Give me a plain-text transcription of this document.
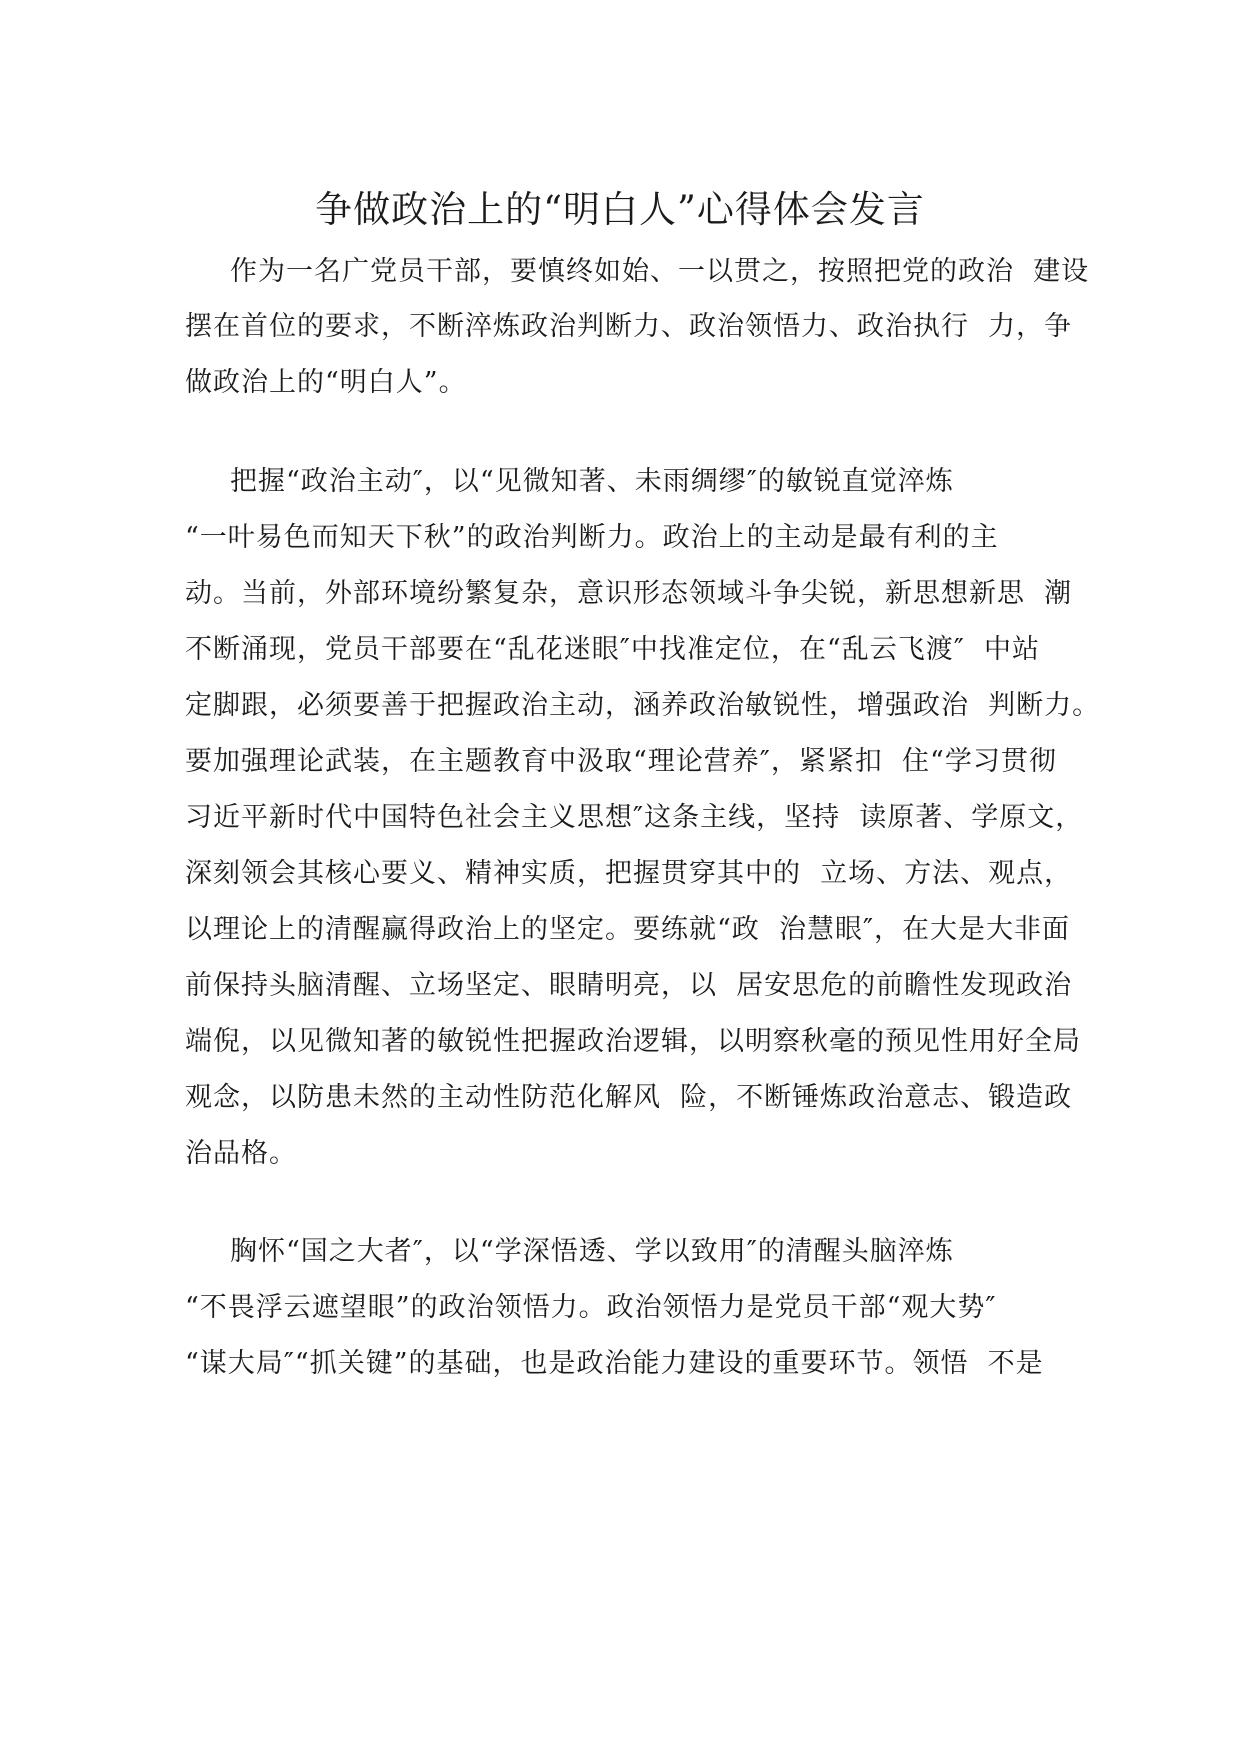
争做政治上的“明白人”心得体会发言

作为一名广党员干部，要慎终如始、一以贯之，按照把党的政治  建设

摆在首位的要求，不断淬炼政治判断力、政治领悟力、政治执行  力，争

做政治上的“明白人”。

把握“政治主动″，以“见微知著、未雨绸缪″的敏锐直觉淬炼

“一叶易色而知天下秋”的政治判断力。政治上的主动是最有利的主

动。当前，外部环境纷繁复杂，意识形态领域斗争尖锐，新思想新思  潮

不断涌现，党员干部要在“乱花迷眼″中找准定位，在“乱云飞渡″  中站

定脚跟，必须要善于把握政治主动，涵养政治敏锐性，增强政治  判断力。

要加强理论武装，在主题教育中汲取“理论营养″，紧紧扣  住“学习贯彻

习近平新时代中国特色社会主义思想″这条主线，坚持  读原著、学原文，

深刻领会其核心要义、精神实质，把握贯穿其中的  立场、方法、观点，

以理论上的清醒赢得政治上的坚定。要练就“政  治慧眼″，在大是大非面

前保持头脑清醒、立场坚定、眼睛明亮，以  居安思危的前瞻性发现政治

端倪，以见微知著的敏锐性把握政治逻辑，以明察秋毫的预见性用好全局

观念，以防患未然的主动性防范化解风  险，不断锤炼政治意志、锻造政

治品格。

胸怀“国之大者″，以“学深悟透、学以致用″的清醒头脑淬炼

“不畏浮云遮望眼”的政治领悟力。政治领悟力是党员干部“观大势″

“谋大局″“抓关键”的基础，也是政治能力建设的重要环节。领悟  不是
